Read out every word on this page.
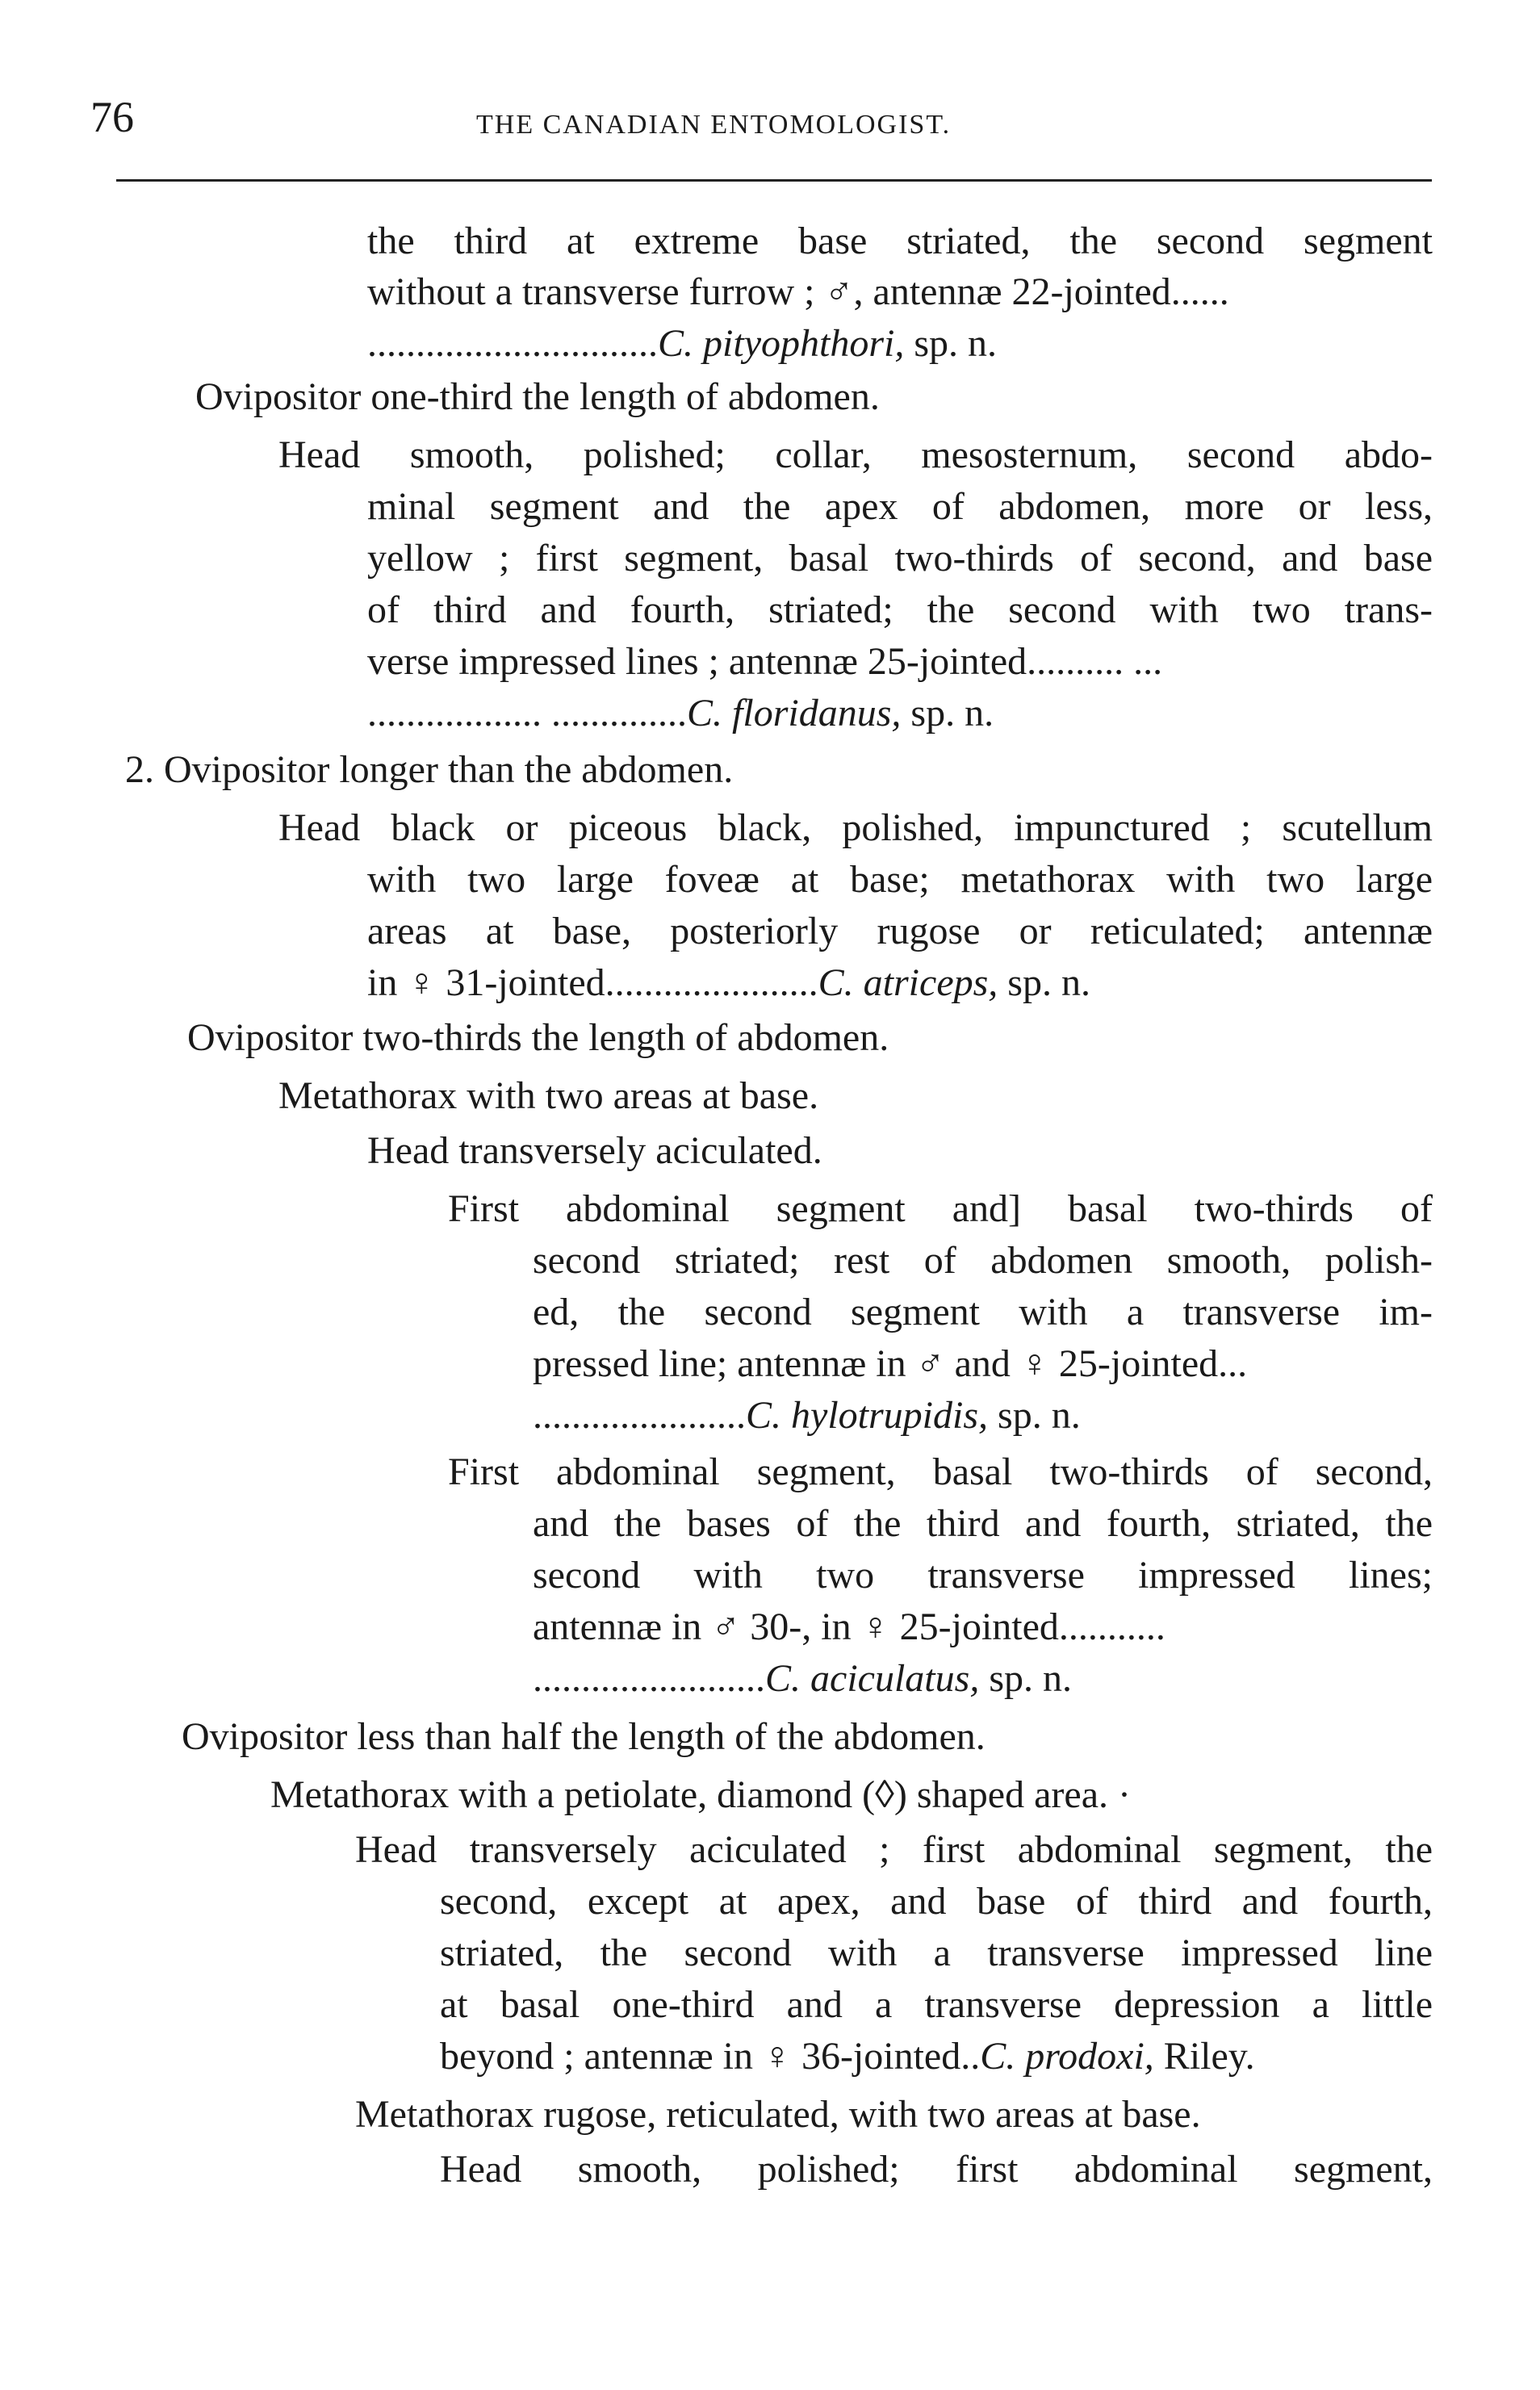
76	THE CANADIAN ENTOMOLOGIST.
the third at extreme base striated, the second segment
without a transverse furrow ; ♂, antennæ 22-jointed......
..............................C. pityophthori, sp. n.
Ovipositor one-third the length of abdomen.
Head smooth, polished; collar, mesosternum, second abdo-
minal segment and the apex of abdomen, more or less,
yellow ; first segment, basal two-thirds of second, and base
of third and fourth, striated; the second with two trans-
verse impressed lines ; antennæ 25-jointed.......... ...
.................. ..............C. floridanus, sp. n.
2. Ovipositor longer than the abdomen.
Head black or piceous black, polished, impunctured ; scutellum
with two large foveæ at base; metathorax with two large
areas at base, posteriorly rugose or reticulated; antennæ
in ♀ 31-jointed......................C. atriceps, sp. n.
Ovipositor two-thirds the length of abdomen.
Metathorax with two areas at base.
Head transversely aciculated.
First abdominal segment and] basal two-thirds of
second striated; rest of abdomen smooth, polish-
ed, the second segment with a transverse im-
pressed line; antennæ in ♂ and ♀ 25-jointed...
......................C. hylotrupidis, sp. n.
First abdominal segment, basal two-thirds of second,
and the bases of the third and fourth, striated, the
second with two transverse impressed lines;
antennæ in ♂ 30-, in ♀ 25-jointed...........
........................C. aciculatus, sp. n.
Ovipositor less than half the length of the abdomen.
Metathorax with a petiolate, diamond (◊) shaped area. ·
Head transversely aciculated ; first abdominal segment, the
second, except at apex, and base of third and fourth,
striated, the second with a transverse impressed line
at basal one-third and a transverse depression a little
beyond ; antennæ in ♀ 36-jointed..C. prodoxi, Riley.
Metathorax rugose, reticulated, with two areas at base.
Head smooth, polished; first abdominal segment,
